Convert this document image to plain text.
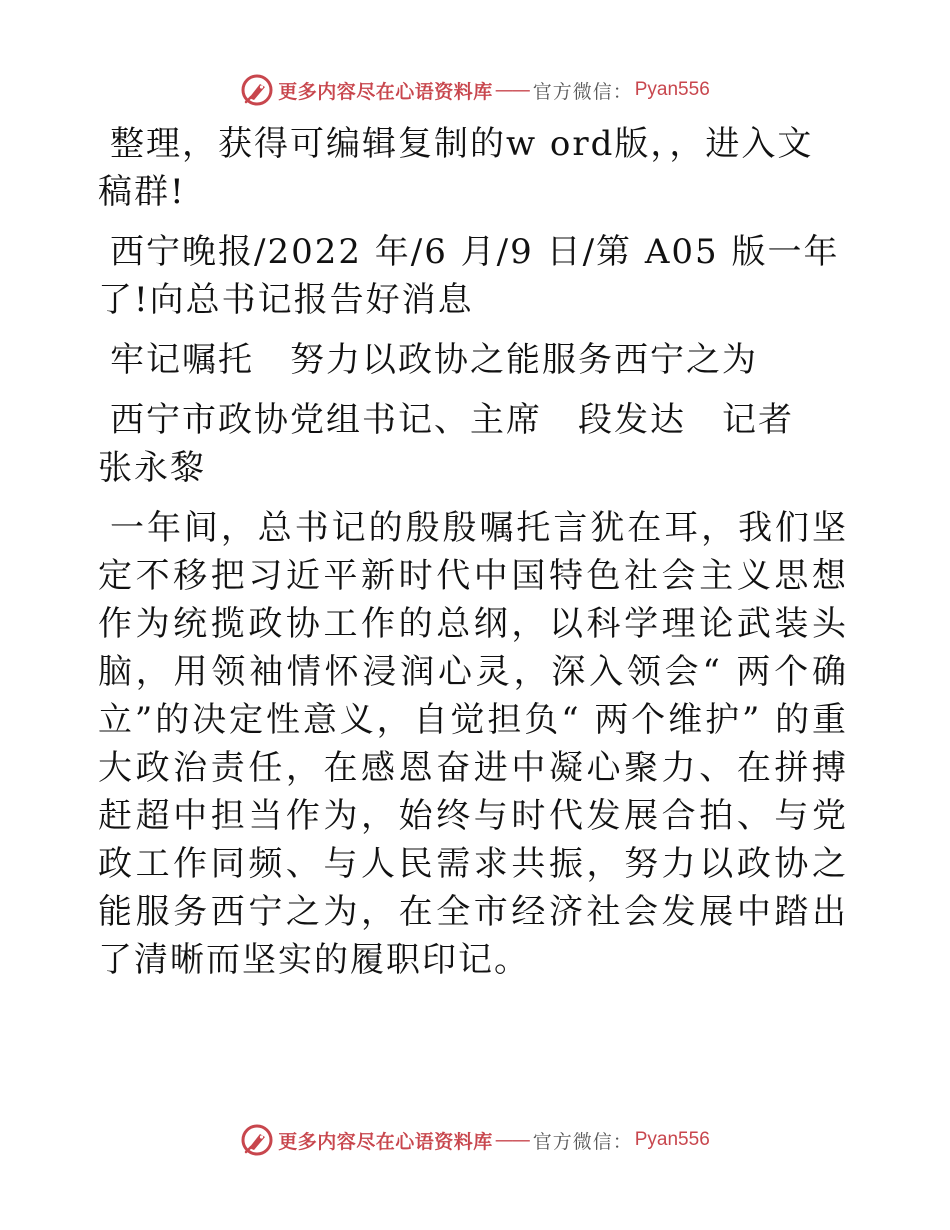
更多内容尽在心语资料库 —— 官方微信： Pyan556

整理，获得可编辑复制的w ord版，，进入文稿群!

西宁晚报/2022 年/6 月/9 日/第 A05 版一年了!向总书记报告好消息

牢记嘱托　努力以政协之能服务西宁之为

西宁市政协党组书记、主席　段发达　记者　张永黎

一年间，总书记的殷殷嘱托言犹在耳，我们坚定不移把习近平新时代中国特色社会主义思想作为统揽政协工作的总纲，以科学理论武装头脑，用领袖情怀浸润心灵，深入领会“ 两个确立”的决定性意义，自觉担负“ 两个维护” 的重大政治责任，在感恩奋进中凝心聚力、在拼搏赶超中担当作为，始终与时代发展合拍、与党政工作同频、与人民需求共振，努力以政协之能服务西宁之为，在全市经济社会发展中踏出了清晰而坚实的履职印记。

更多内容尽在心语资料库 —— 官方微信： Pyan556
